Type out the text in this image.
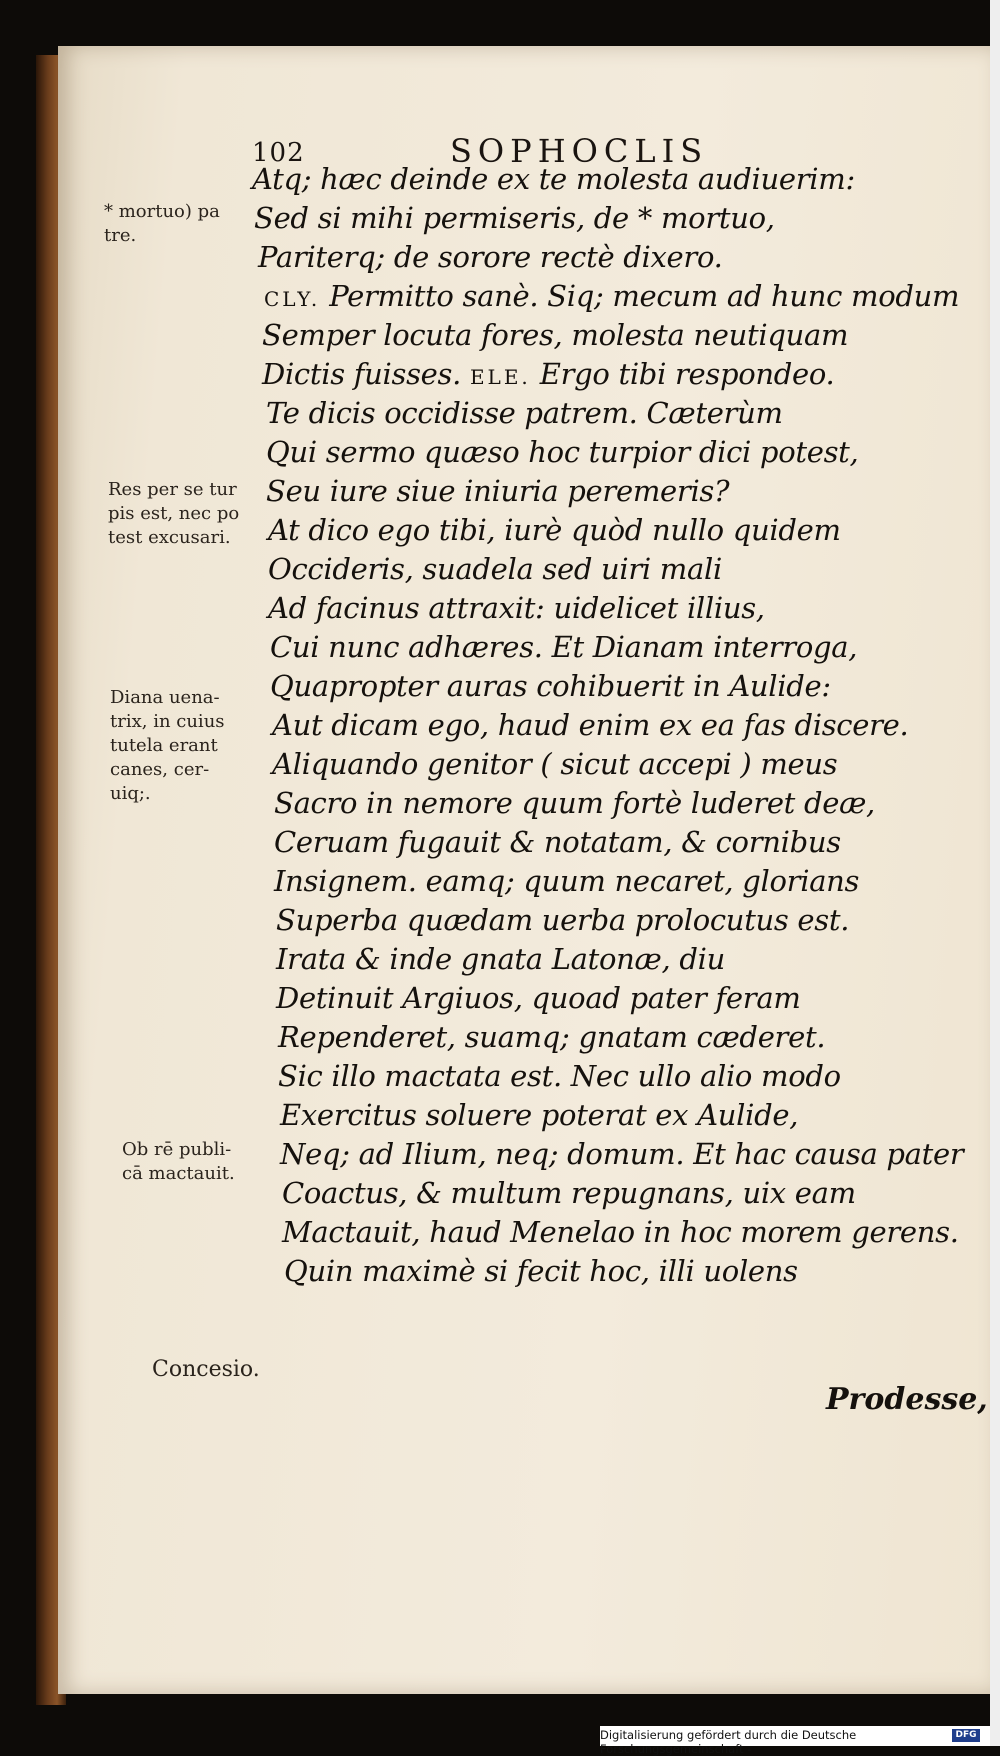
102	SOPHOCLIS
Atq; hæc deinde ex te molesta audiuerim:
Sed si mihi permiseris, de * mortuo,
Pariterq; de sorore rectè dixero.
CLY. Permitto sanè. Siq; mecum ad hunc modum
Semper locuta fores, molesta neutiquam
Dictis fuisses. ELE. Ergo tibi respondeo.
Te dicis occidisse patrem. Cæterùm
Qui sermo quæso hoc turpior dici potest,
Seu iure siue iniuria peremeris?
At dico ego tibi, iurè quòd nullo quidem
Occideris, suadela sed uiri mali
Ad facinus attraxit: uidelicet illius,
Cui nunc adhæres. Et Dianam interroga,
Quapropter auras cohibuerit in Aulide:
Aut dicam ego, haud enim ex ea fas discere.
Aliquando genitor ( sicut accepi ) meus
Sacro in nemore quum fortè luderet deæ,
Ceruam fugauit & notatam, & cornibus
Insignem. eamq; quum necaret, glorians
Superba quædam uerba prolocutus est.
Irata & inde gnata Latonæ, diu
Detinuit Argiuos, quoad pater feram
Rependeret, suamq; gnatam cæderet.
Sic illo mactata est. Nec ullo alio modo
Exercitus soluere poterat ex Aulide,
Neq; ad Ilium, neq; domum. Et hac causa pater
Coactus, & multum repugnans, uix eam
Mactauit, haud Menelao in hoc morem gerens.
Quin maximè si fecit hoc, illi uolens
* mortuo) pa
tre.
Res per se tur
pis est, nec po
test excusari.
Diana uena-
trix, in cuius
tutela erant
canes, cer-
uiq;.
Ob rē publi-
cā mactauit.
Concesio.
Prodesse,
Digitalisierung gefördert durch die Deutsche Forschungsgemeinschaft -
DFG
